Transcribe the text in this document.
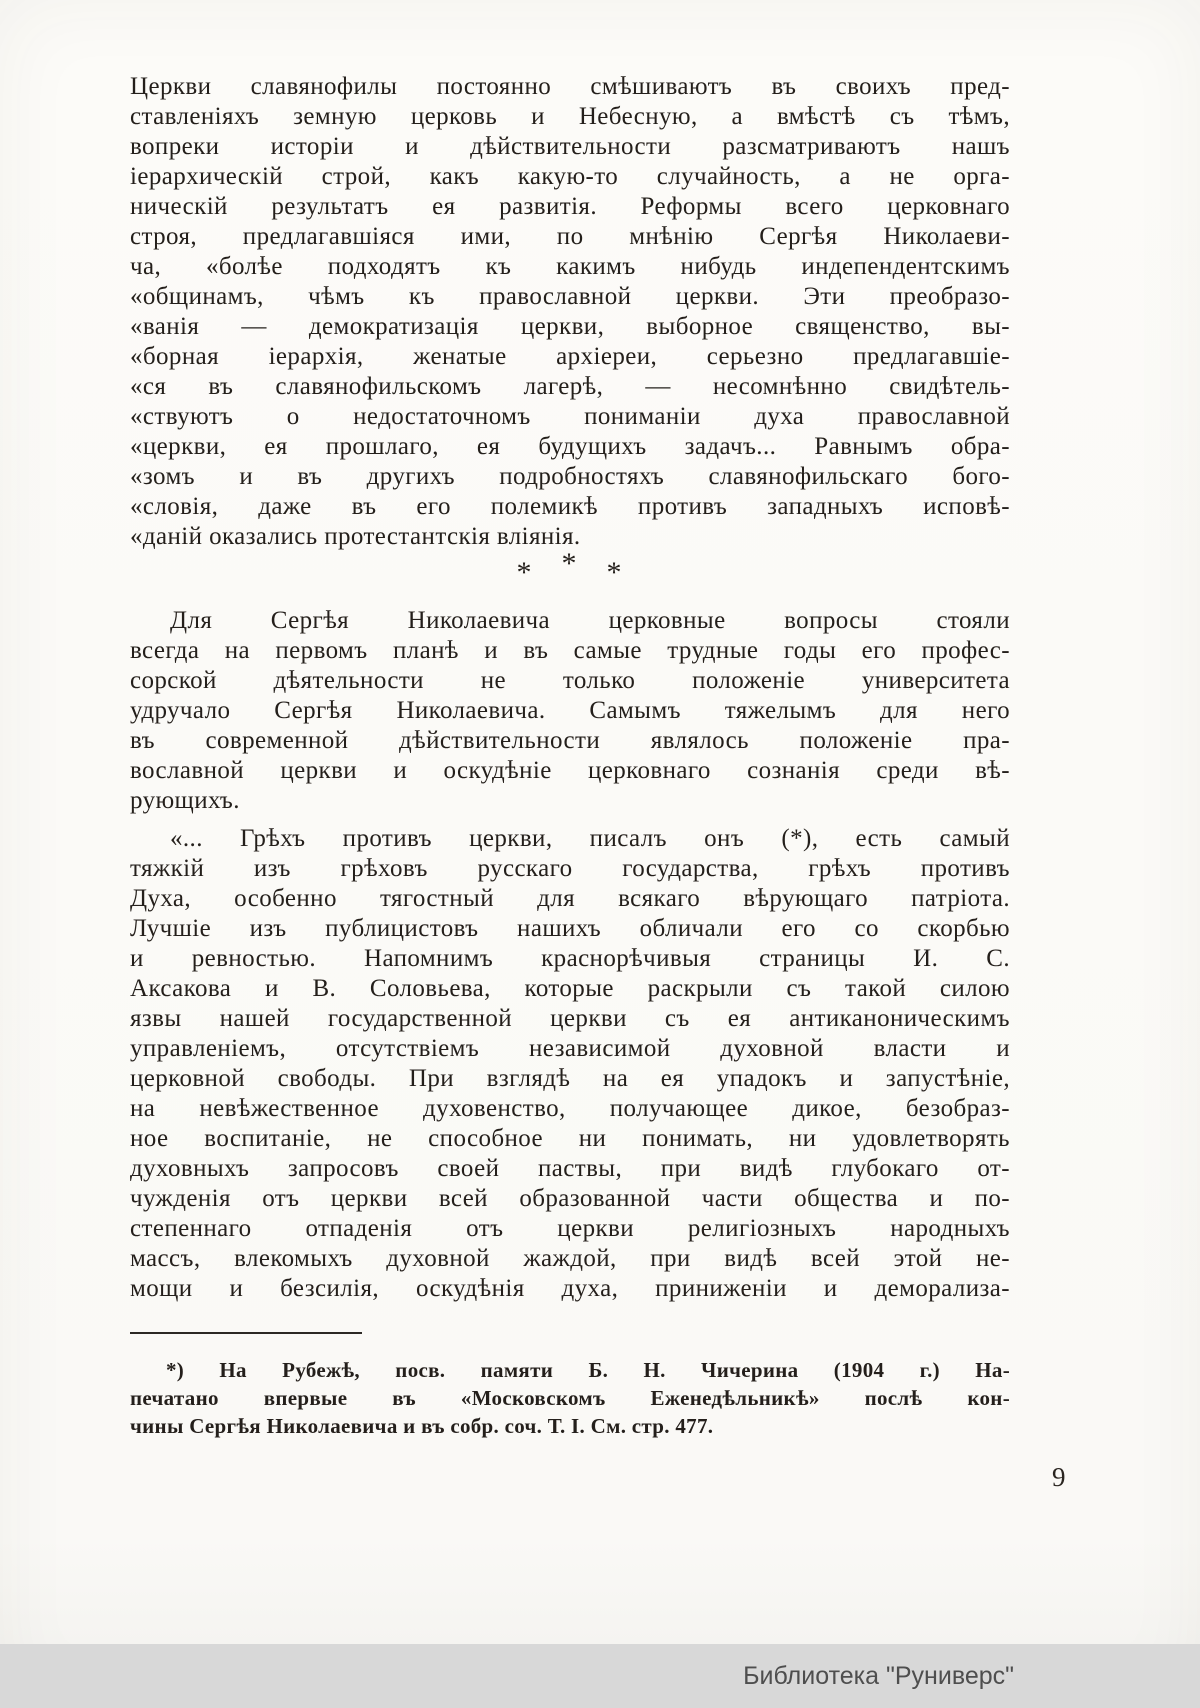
Церкви славянофилы постоянно смѣшиваютъ въ своихъ пред-
ставленіяхъ земную церковь и Небесную, а вмѣстѣ съ тѣмъ,
вопреки исторіи и дѣйствительности разсматриваютъ нашъ
іерархическій строй, какъ какую-то случайность, а не орга-
ническій результатъ ея развитія. Реформы всего церковнаго
строя, предлагавшіяся ими, по мнѣнію Сергѣя Николаеви-
ча, «болѣе подходятъ къ какимъ нибудь индепендентскимъ
«общинамъ, чѣмъ къ православной церкви. Эти преобразо-
«ванія — демократизація церкви, выборное священство, вы-
«борная іерархія, женатые архіереи, серьезно предлагавшіе-
«ся въ славянофильскомъ лагерѣ, — несомнѣнно свидѣтель-
«ствуютъ о недостаточномъ пониманіи духа православной
«церкви, ея прошлаго, ея будущихъ задачъ... Равнымъ обра-
«зомъ и въ другихъ подробностяхъ славянофильскаго бого-
«словія, даже въ его полемикѣ противъ западныхъ исповѣ-
«даній оказались протестантскія вліянія.
* * *
Для Сергѣя Николаевича церковные вопросы стояли
всегда на первомъ планѣ и въ самые трудные годы его профес-
сорской дѣятельности не только положеніе университета
удручало Сергѣя Николаевича. Самымъ тяжелымъ для него
въ современной дѣйствительности являлось положеніе пра-
вославной церкви и оскудѣніе церковнаго сознанія среди вѣ-
рующихъ.
«... Грѣхъ противъ церкви, писалъ онъ (*), есть самый
тяжкій изъ грѣховъ русскаго государства, грѣхъ противъ
Духа, особенно тягостный для всякаго вѣрующаго патріота.
Лучшіе изъ публицистовъ нашихъ обличали его со скорбью
и ревностью. Напомнимъ краснорѣчивыя страницы И. С.
Аксакова и В. Соловьева, которые раскрыли съ такой силою
язвы нашей государственной церкви съ ея антиканоническимъ
управленіемъ, отсутствіемъ независимой духовной власти и
церковной свободы. При взглядѣ на ея упадокъ и запустѣніе,
на невѣжественное духовенство, получающее дикое, безобраз-
ное воспитаніе, не способное ни понимать, ни удовлетворять
духовныхъ запросовъ своей паствы, при видѣ глубокаго от-
чужденія отъ церкви всей образованной части общества и по-
степеннаго отпаденія отъ церкви религіозныхъ народныхъ
массъ, влекомыхъ духовной жаждой, при видѣ всей этой не-
мощи и безсилія, оскудѣнія духа, приниженіи и деморализа-
*) На Рубежѣ, посв. памяти Б. Н. Чичерина (1904 г.) На-
печатано впервые въ «Московскомъ Еженедѣльникѣ» послѣ кон-
чины Сергѣя Николаевича и въ собр. соч. Т. I. См. стр. 477.
9
Библиотека "Руниверс"
